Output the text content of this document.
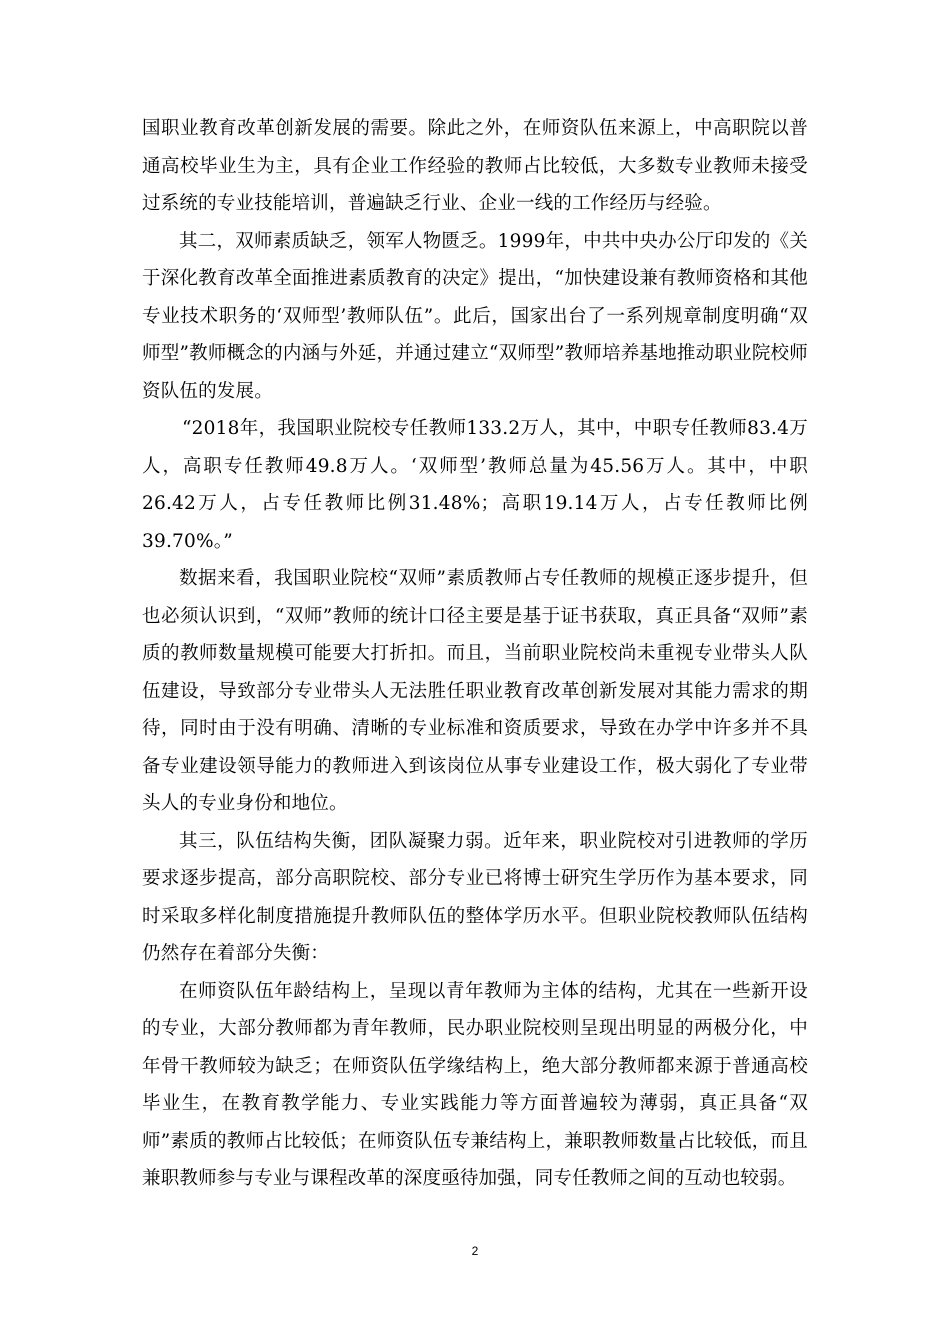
国职业教育改革创新发展的需要。除此之外，在师资队伍来源上，中高职院以普通高校毕业生为主，具有企业工作经验的教师占比较低，大多数专业教师未接受过系统的专业技能培训，普遍缺乏行业、企业一线的工作经历与经验。

其二，双师素质缺乏，领军人物匮乏。1999年，中共中央办公厅印发的《关于深化教育改革全面推进素质教育的决定》提出，“加快建设兼有教师资格和其他专业技术职务的‘双师型’教师队伍”。此后，国家出台了一系列规章制度明确“双师型”教师概念的内涵与外延，并通过建立“双师型”教师培养基地推动职业院校师资队伍的发展。

“2018年，我国职业院校专任教师133.2万人，其中，中职专任教师83.4万人，高职专任教师49.8万人。‘双师型’教师总量为45.56万人。其中，中职26.42万人，占专任教师比例31.48%；高职19.14万人，占专任教师比例39.70%。”

数据来看，我国职业院校“双师”素质教师占专任教师的规模正逐步提升，但也必须认识到，“双师”教师的统计口径主要是基于证书获取，真正具备“双师”素质的教师数量规模可能要大打折扣。而且，当前职业院校尚未重视专业带头人队伍建设，导致部分专业带头人无法胜任职业教育改革创新发展对其能力需求的期待，同时由于没有明确、清晰的专业标准和资质要求，导致在办学中许多并不具备专业建设领导能力的教师进入到该岗位从事专业建设工作，极大弱化了专业带头人的专业身份和地位。

其三，队伍结构失衡，团队凝聚力弱。近年来，职业院校对引进教师的学历要求逐步提高，部分高职院校、部分专业已将博士研究生学历作为基本要求，同时采取多样化制度措施提升教师队伍的整体学历水平。但职业院校教师队伍结构仍然存在着部分失衡：

在师资队伍年龄结构上，呈现以青年教师为主体的结构，尤其在一些新开设的专业，大部分教师都为青年教师，民办职业院校则呈现出明显的两极分化，中年骨干教师较为缺乏；在师资队伍学缘结构上，绝大部分教师都来源于普通高校毕业生，在教育教学能力、专业实践能力等方面普遍较为薄弱，真正具备“双师”素质的教师占比较低；在师资队伍专兼结构上，兼职教师数量占比较低，而且兼职教师参与专业与课程改革的深度亟待加强，同专任教师之间的互动也较弱。

2
